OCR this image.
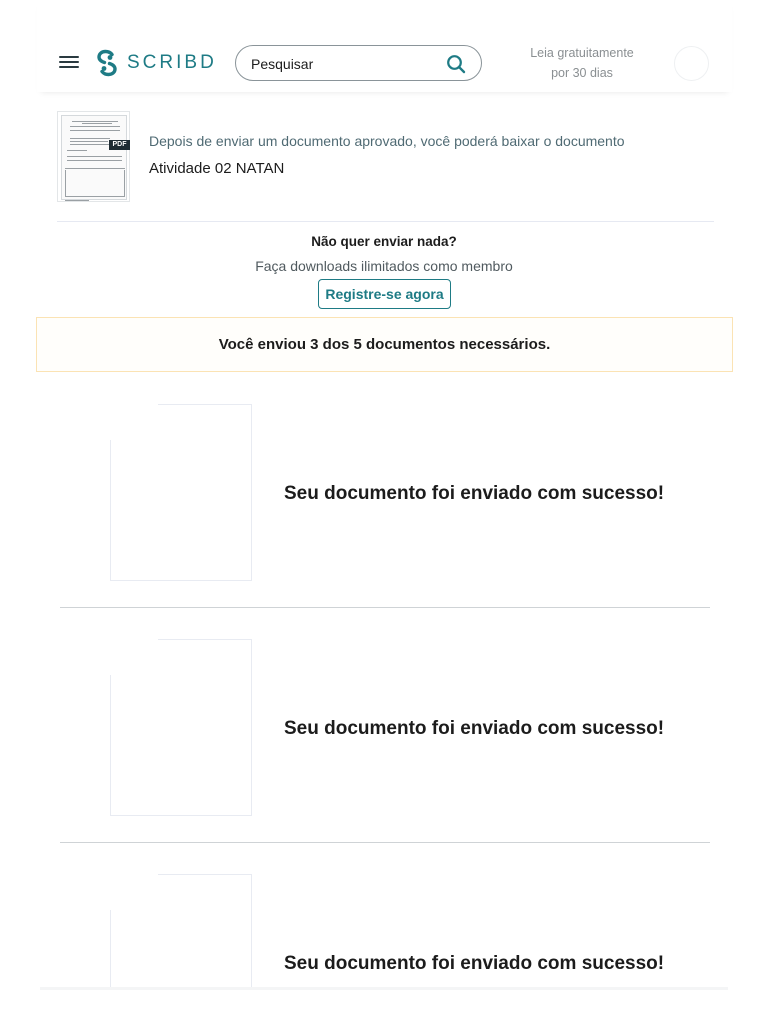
SCRIBD
Pesquisar	Leia gratuitamente
por 30 dias
PDF Depois de enviar um documento aprovado, você poderá baixar o documento
Atividade 02 NATAN
Não quer enviar nada?
Faça downloads ilimitados como membro
Registre-se agora
Você enviou 3 dos 5 documentos necessários.
Seu documento foi enviado com sucesso!
Seu documento foi enviado com sucesso!
Seu documento foi enviado com sucesso!
